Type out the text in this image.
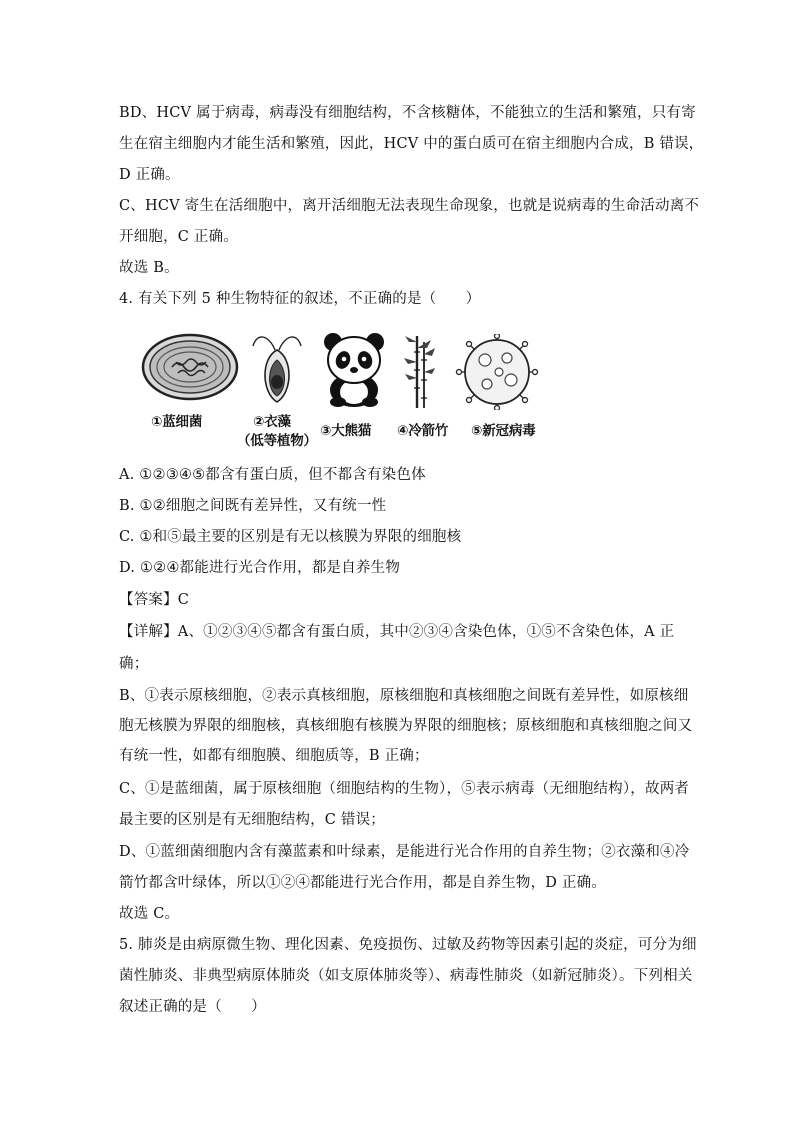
BD、HCV 属于病毒，病毒没有细胞结构，不含核糖体，不能独立的生活和繁殖，只有寄
生在宿主细胞内才能生活和繁殖，因此，HCV 中的蛋白质可在宿主细胞内合成，B 错误，
D 正确。
C、HCV 寄生在活细胞中，离开活细胞无法表现生命现象，也就是说病毒的生命活动离不
开细胞，C 正确。
故选 B。
4. 有关下列 5 种生物特征的叙述，不正确的是（　　）
①蓝细菌	②衣藻
（低等植物）
③大熊猫 ④冷箭竹 ⑤新冠病毒
A. ①②③④⑤都含有蛋白质，但不都含有染色体
B. ①②细胞之间既有差异性，又有统一性
C. ①和⑤最主要的区别是有无以核膜为界限的细胞核
D. ①②④都能进行光合作用，都是自养生物
【答案】C
【详解】A、①②③④⑤都含有蛋白质，其中②③④含染色体，①⑤不含染色体，A 正
确；
B、①表示原核细胞，②表示真核细胞，原核细胞和真核细胞之间既有差异性，如原核细
胞无核膜为界限的细胞核，真核细胞有核膜为界限的细胞核；原核细胞和真核细胞之间又
有统一性，如都有细胞膜、细胞质等，B 正确；
C、①是蓝细菌，属于原核细胞（细胞结构的生物），⑤表示病毒（无细胞结构），故两者
最主要的区别是有无细胞结构，C 错误；
D、①蓝细菌细胞内含有藻蓝素和叶绿素，是能进行光合作用的自养生物；②衣藻和④冷
箭竹都含叶绿体，所以①②④都能进行光合作用，都是自养生物，D 正确。
故选 C。
5. 肺炎是由病原微生物、理化因素、免疫损伤、过敏及药物等因素引起的炎症，可分为细
菌性肺炎、非典型病原体肺炎（如支原体肺炎等）、病毒性肺炎（如新冠肺炎）。下列相关
叙述正确的是（　　）
